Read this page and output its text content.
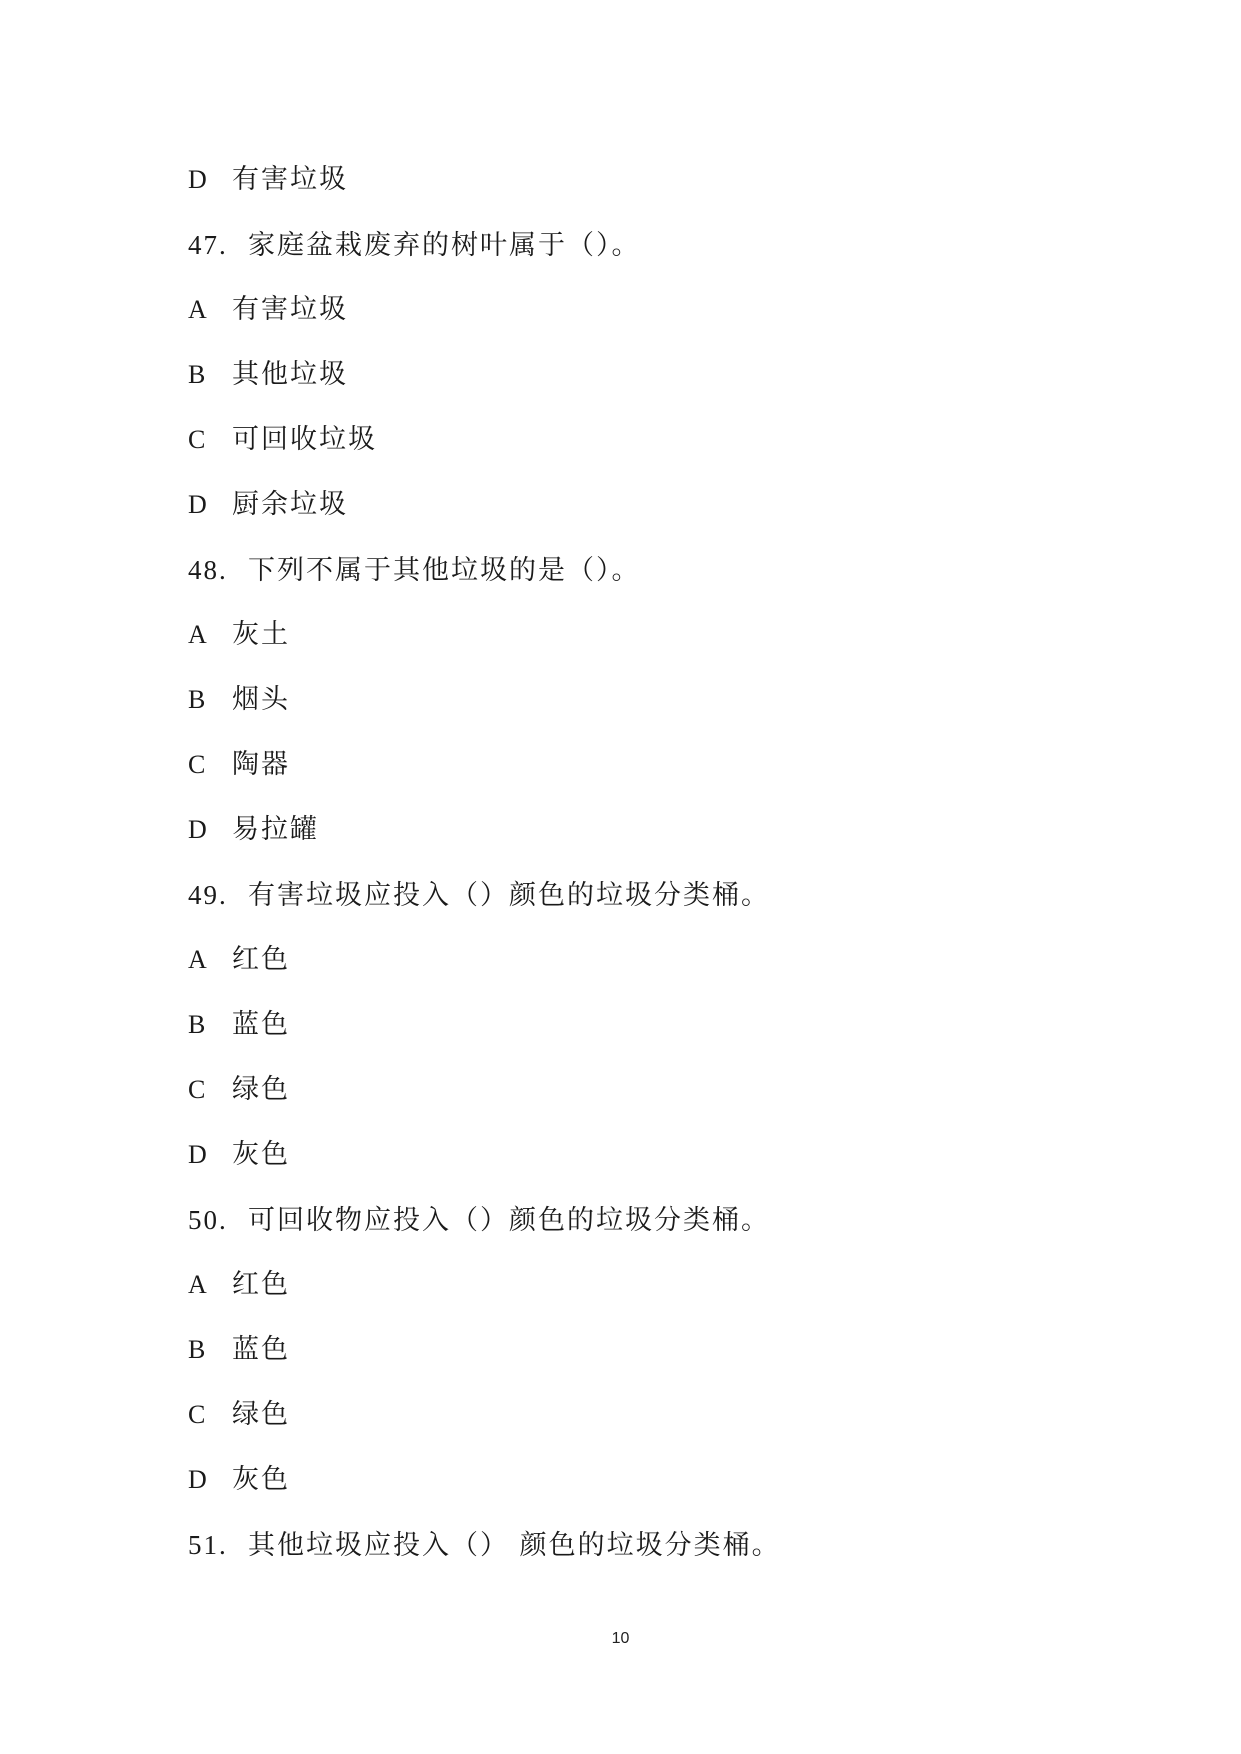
D 有害垃圾
47. 家庭盆栽废弃的树叶属于（）。
A 有害垃圾
B 其他垃圾
C 可回收垃圾
D 厨余垃圾
48. 下列不属于其他垃圾的是（）。
A 灰土
B 烟头
C 陶器
D 易拉罐
49. 有害垃圾应投入（）颜色的垃圾分类桶。
A 红色
B 蓝色
C 绿色
D 灰色
50. 可回收物应投入（）颜色的垃圾分类桶。
A 红色
B 蓝色
C 绿色
D 灰色
51. 其他垃圾应投入（） 颜色的垃圾分类桶。
10
